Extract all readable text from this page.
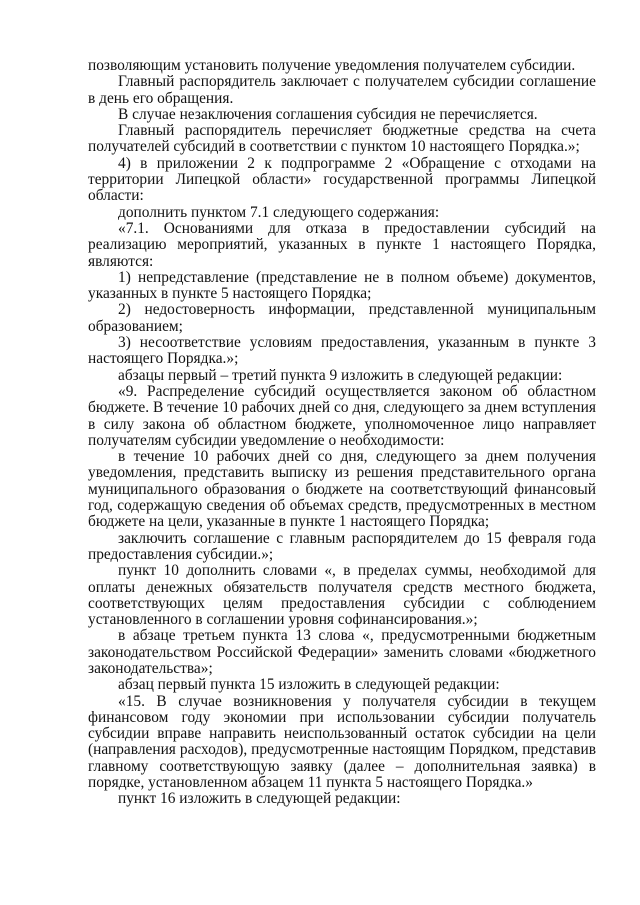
позволяющим установить получение уведомления получателем субсидии.

Главный распорядитель заключает с получателем субсидии соглашение в день его обращения.

В случае незаключения соглашения субсидия не перечисляется.

Главный распорядитель перечисляет бюджетные средства на счета получателей субсидий в соответствии с пунктом 10 настоящего Порядка.»;

4) в приложении 2 к подпрограмме 2 «Обращение с отходами на территории Липецкой области» государственной программы Липецкой области:

дополнить пунктом 7.1 следующего содержания:

«7.1. Основаниями для отказа в предоставлении субсидий на реализацию мероприятий, указанных в пункте 1 настоящего Порядка, являются:

1) непредставление (представление не в полном объеме) документов, указанных в пункте 5 настоящего Порядка;

2) недостоверность информации, представленной муниципальным образованием;

3) несоответствие условиям предоставления, указанным в пункте 3 настоящего Порядка.»;

абзацы первый – третий пункта 9 изложить в следующей редакции:

«9. Распределение субсидий осуществляется законом об областном бюджете. В течение 10 рабочих дней со дня, следующего за днем вступления в силу закона об областном бюджете, уполномоченное лицо направляет получателям субсидии уведомление о необходимости:

в течение 10 рабочих дней со дня, следующего за днем получения уведомления, представить выписку из решения представительного органа муниципального образования о бюджете на соответствующий финансовый год, содержащую сведения об объемах средств, предусмотренных в местном бюджете на цели, указанные в пункте 1 настоящего Порядка;

заключить соглашение с главным распорядителем до 15 февраля года предоставления субсидии.»;

пункт 10 дополнить словами «, в пределах суммы, необходимой для оплаты денежных обязательств получателя средств местного бюджета, соответствующих целям предоставления субсидии с соблюдением установленного в соглашении уровня софинансирования.»;

в абзаце третьем пункта 13 слова «, предусмотренными бюджетным законодательством Российской Федерации» заменить словами «бюджетного законодательства»;

абзац первый пункта 15 изложить в следующей редакции:

«15. В случае возникновения у получателя субсидии в текущем финансовом году экономии при использовании субсидии получатель субсидии вправе направить неиспользованный остаток субсидии на цели (направления расходов), предусмотренные настоящим Порядком, представив главному соответствующую заявку (далее – дополнительная заявка) в порядке, установленном абзацем 11 пункта 5 настоящего Порядка.»

пункт 16 изложить в следующей редакции:
